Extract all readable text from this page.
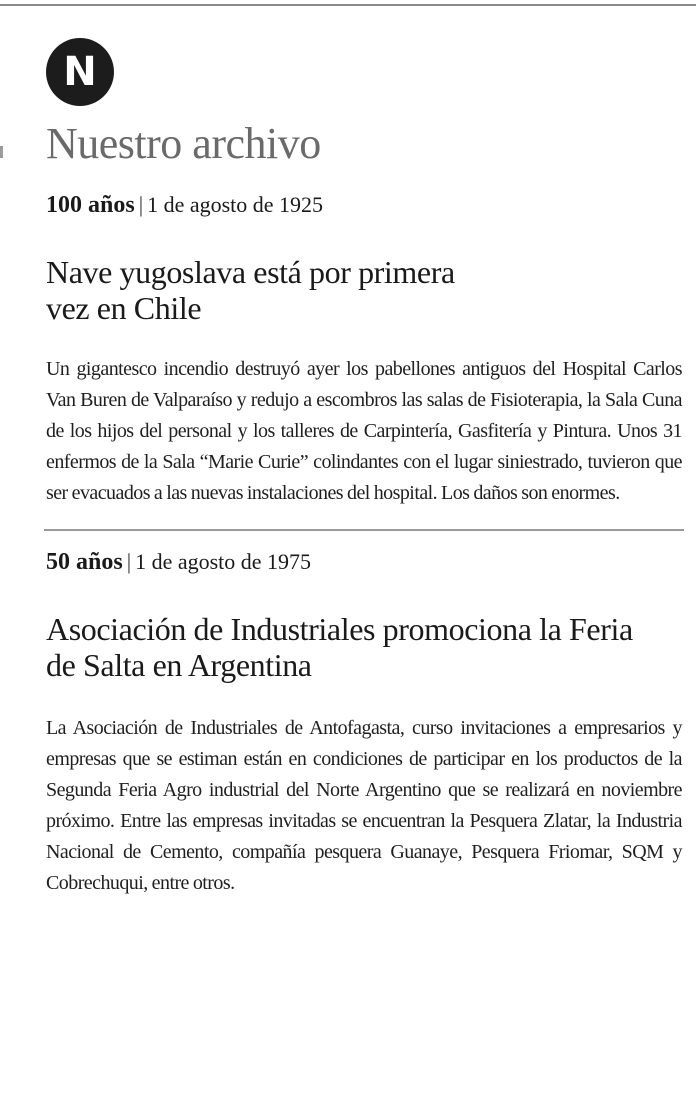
N
Nuestro archivo
100 años | 1 de agosto de 1925
Nave yugoslava está por primera vez en Chile
Un gigantesco incendio destruyó ayer los pabellones antiguos del Hospital Carlos Van Buren de Valparaíso y redujo a escombros las salas de Fisioterapia, la Sala Cuna de los hijos del personal y los talleres de Carpintería, Gasfitería y Pintura. Unos 31 enfermos de la Sala “Marie Curie” colindantes con el lugar siniestrado, tuvieron que ser evacuados a las nuevas instalaciones del hospital. Los daños son enormes.
50 años | 1 de agosto de 1975
Asociación de Industriales promociona la Feria de Salta en Argentina
La Asociación de Industriales de Antofagasta, curso invitaciones a empresarios y empresas que se estiman están en condiciones de participar en los productos de la Segunda Feria Agro industrial del Norte Argentino que se realizará en noviembre próximo. Entre las empresas invitadas se encuentran la Pesquera Zlatar, la Industria Nacional de Cemento, compañía pesquera Guanaye, Pesquera Friomar, SQM y Cobrechuqui, entre otros.
